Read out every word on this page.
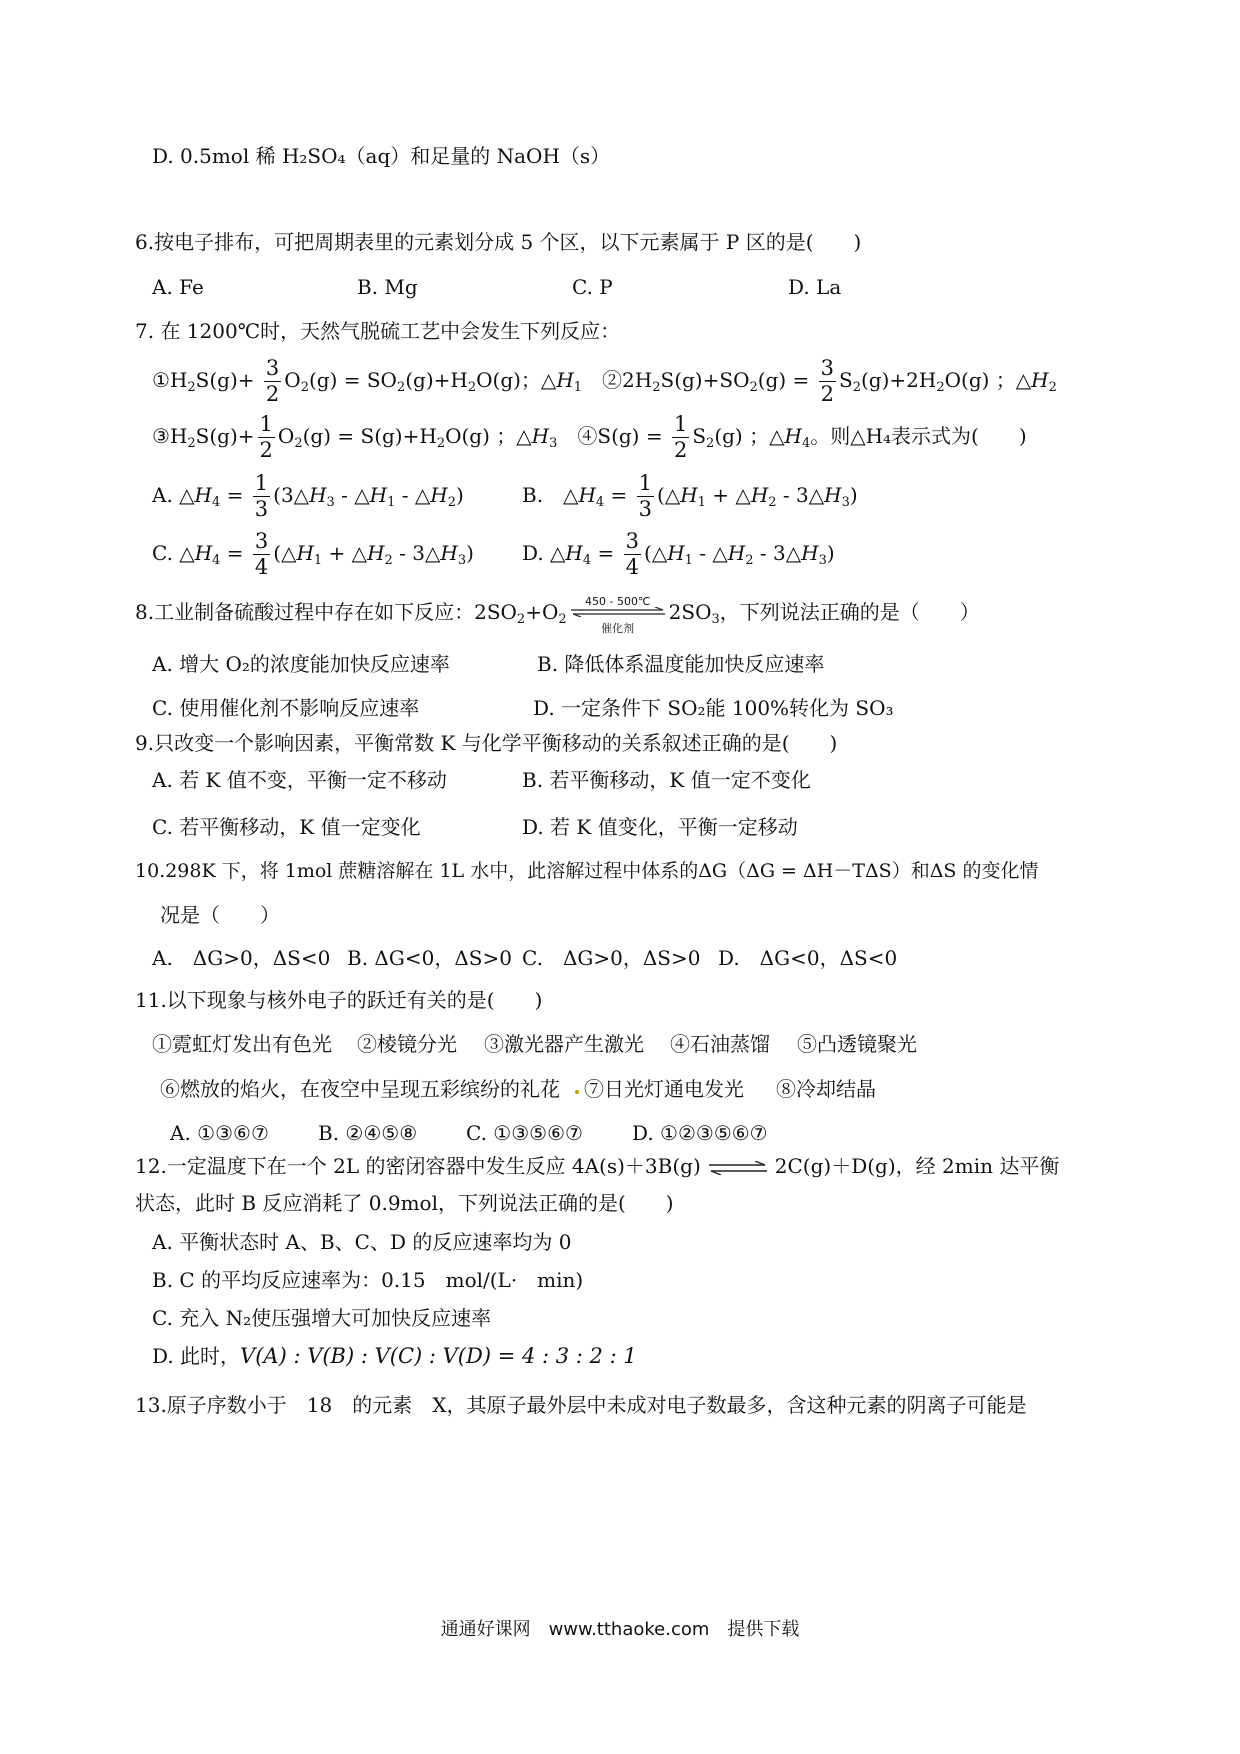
D. 0.5mol 稀 H₂SO₄（aq）和足量的 NaOH（s）
6.按电子排布，可把周期表里的元素划分成 5 个区，以下元素属于 P 区的是(　　)
A. Fe	B. Mg	C. P	D. La
7. 在 1200℃时，天然气脱硫工艺中会发生下列反应：
$①H_2S(g)+ \frac{3}{2} O_2(g) = SO_2(g)+H_2O(g)$；$\triangle H_1$　 $②2H_2S(g)+SO_2(g) = \frac{3}{2} S_2(g)+2H_2O(g)$ ；$\triangle H_2$
$③H_2S(g)+ \frac{1}{2} O_2(g) = S(g)+H_2O(g)$ ；$\triangle H_3$　 ④S(g) = $\frac{1}{2} S_2(g)$ ；$\triangle H_4$。则△H₄表示式为(　　)
A. $\triangle H_4 = \frac{1}{3}$ ($3\triangle H_3$ - $\triangle H_1$ - $\triangle H_2$)	B.　$\triangle H_4 = \frac{1}{3}$ ($\triangle H_1$ + $\triangle H_2$ - $3\triangle H_3$)
C. $\triangle H_4 = \frac{3}{4}$ ($\triangle H_1$ + $\triangle H_2$ - $3\triangle H_3$) D. $\triangle H_4 = \frac{3}{4}$ ($\triangle H_1$ - $\triangle H_2$ - $3\triangle H_3$)
8.工业制备硫酸过程中存在如下反应：$2SO_2+O_2$
450 - 500℃
催化剂
$2SO_3$，下列说法正确的是（　　）
A. 增大 O₂的浓度能加快反应速率	B. 降低体系温度能加快反应速率
C. 使用催化剂不影响反应速率	D. 一定条件下 SO₂能 100%转化为 SO₃
9.只改变一个影响因素，平衡常数 K 与化学平衡移动的关系叙述正确的是(　　)
A. 若 K 值不变，平衡一定不移动	B. 若平衡移动，K 值一定不变化
C. 若平衡移动，K 值一定变化	D. 若 K 值变化，平衡一定移动
10.298K 下，将 1mol 蔗糖溶解在 1L 水中，此溶解过程中体系的ΔG（ΔG = ΔH－TΔS）和ΔS 的变化情
况是（　　）
A.　ΔG>0，ΔS<0 B. ΔG<0，ΔS>0 C.　ΔG>0，ΔS>0 D.　ΔG<0，ΔS<0
11.以下现象与核外电子的跃迁有关的是(　　)
①霓虹灯发出有色光 ②棱镜分光 ③激光器产生激光 ④石油蒸馏 ⑤凸透镜聚光
⑥燃放的焰火，在夜空中呈现五彩缤纷的礼花 ⑦日光灯通电发光 ⑧冷却结晶
A. ①③⑥⑦ B. ②④⑤⑧ C. ①③⑤⑥⑦ D. ①②③⑤⑥⑦
12.一定温度下在一个 2L 的密闭容器中发生反应 4A(s)＋3B(g) ⇌ 2C(g)＋D(g)，经 2min 达平衡
状态，此时 B 反应消耗了 0.9mol，下列说法正确的是(　　)
A. 平衡状态时 A、B、C、D 的反应速率均为 0
B. C 的平均反应速率为：0.15　mol/(L·　min)
C. 充入 N₂使压强增大可加快反应速率
D. 此时，V(A) : V(B) : V(C) : V(D) = 4 : 3 : 2 : 1
13.原子序数小于　18　的元素　X，其原子最外层中未成对电子数最多，含这种元素的阴离子可能是
通通好课网　www.tthaoke.com　提供下载
